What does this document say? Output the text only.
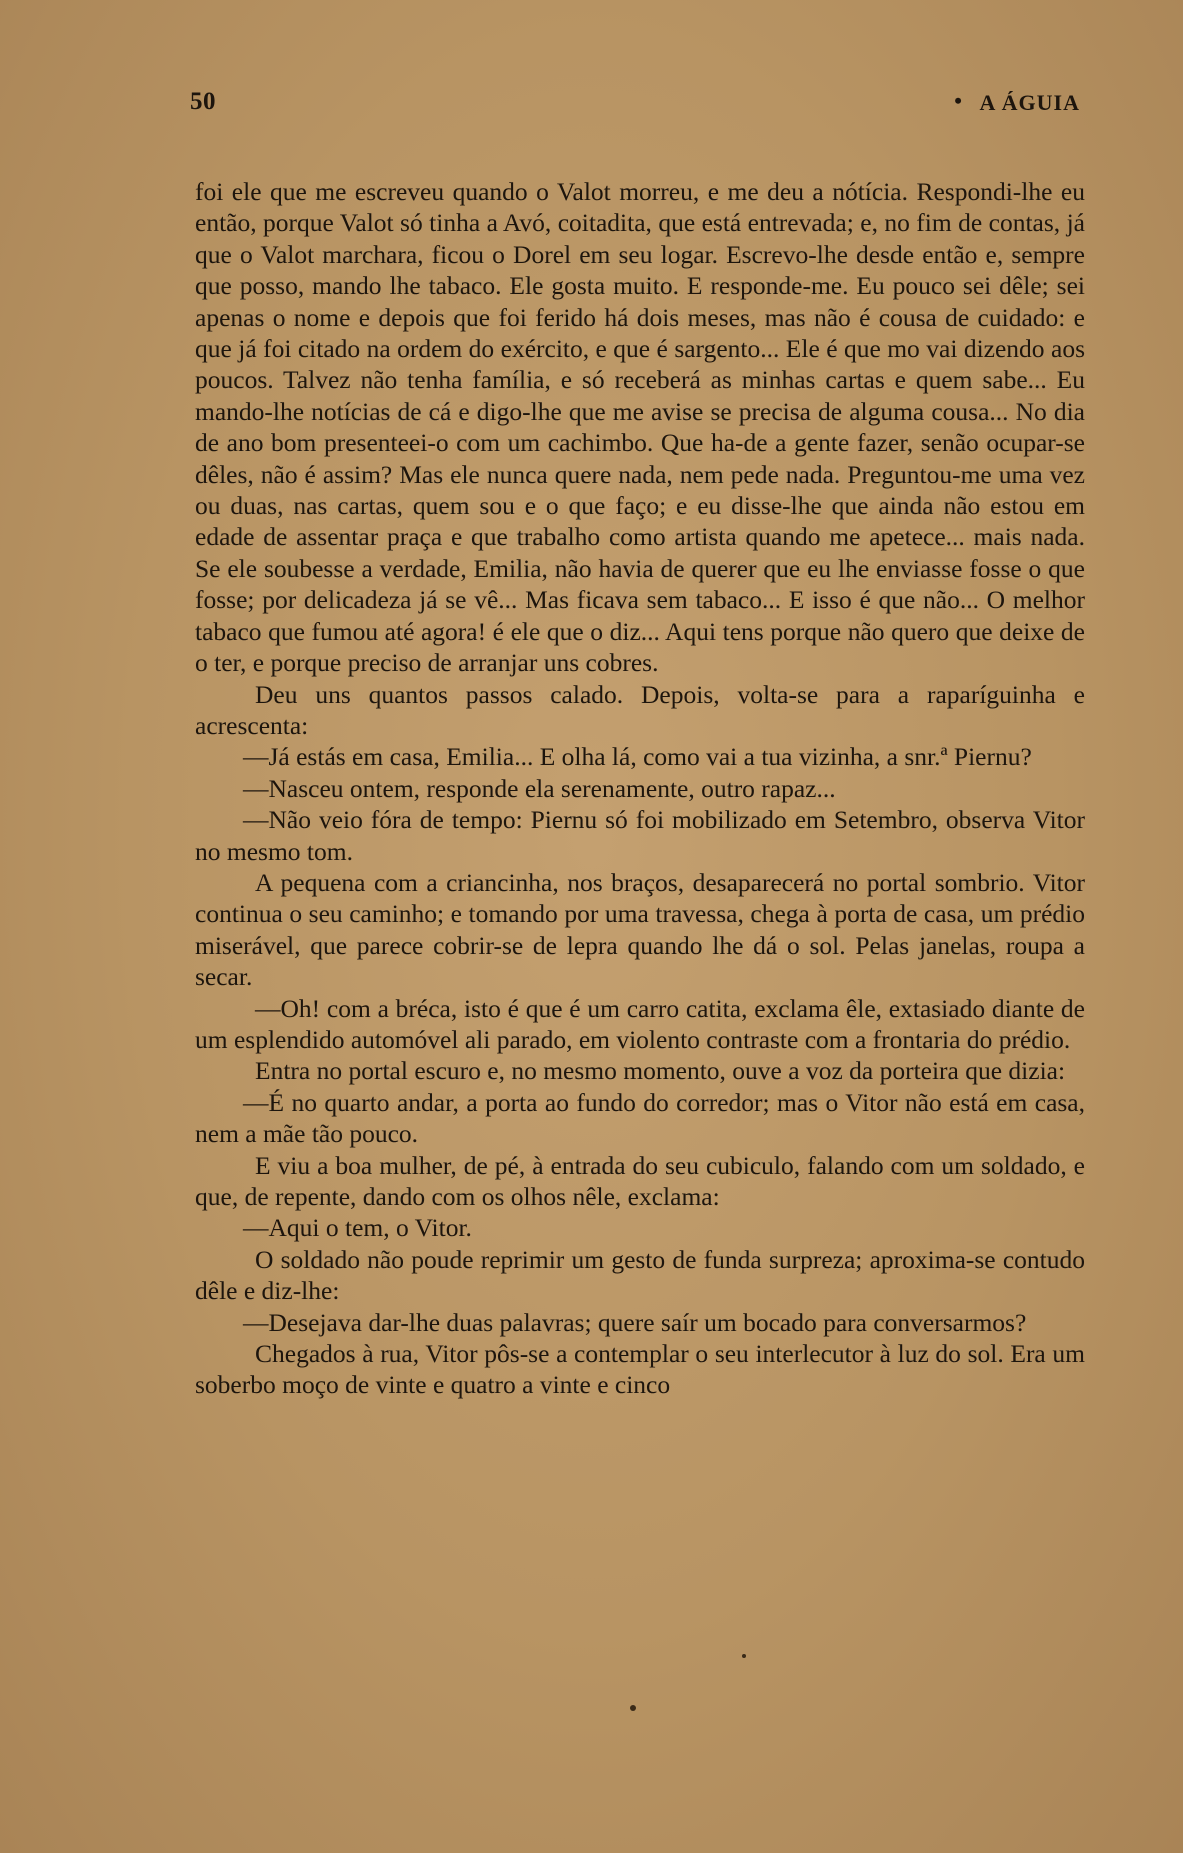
50	• A ÁGUIA

foi ele que me escreveu quando o Valot morreu, e me deu a nótícia. Respondi-lhe eu então, porque Valot só tinha a Avó, coitadita, que está entrevada; e, no fim de contas, já que o Valot marchara, ficou o Dorel em seu logar. Escrevo-lhe desde então e, sempre que posso, mando lhe tabaco. Ele gosta muito. E responde-me. Eu pouco sei dêle; sei apenas o nome e depois que foi ferido há dois meses, mas não é cousa de cuidado: e que já foi citado na ordem do exército, e que é sargento... Ele é que mo vai dizendo aos poucos. Talvez não tenha família, e só receberá as minhas cartas e quem sabe... Eu mando-lhe notícias de cá e digo-lhe que me avise se precisa de alguma cousa... No dia de ano bom presenteei-o com um cachimbo. Que ha-de a gente fazer, senão ocupar-se dêles, não é assim? Mas ele nunca quere nada, nem pede nada. Preguntou-me uma vez ou duas, nas cartas, quem sou e o que faço; e eu disse-lhe que ainda não estou em edade de assentar praça e que trabalho como artista quando me apetece... mais nada. Se ele soubesse a verdade, Emilia, não havia de querer que eu lhe enviasse fosse o que fosse; por delicadeza já se vê... Mas ficava sem tabaco... E isso é que não... O melhor tabaco que fumou até agora! é ele que o diz... Aqui tens porque não quero que deixe de o ter, e porque preciso de arranjar uns cobres.

Deu uns quantos passos calado. Depois, volta-se para a raparíguinha e acrescenta:

—Já estás em casa, Emilia... E olha lá, como vai a tua vizinha, a snr.ª Piernu?

—Nasceu ontem, responde ela serenamente, outro rapaz...

—Não veio fóra de tempo: Piernu só foi mobilizado em Setembro, observa Vitor no mesmo tom.

A pequena com a criancinha, nos braços, desaparecerá no portal sombrio. Vitor continua o seu caminho; e tomando por uma travessa, chega à porta de casa, um prédio miserável, que parece cobrir-se de lepra quando lhe dá o sol. Pelas janelas, roupa a secar.

—Oh! com a bréca, isto é que é um carro catita, exclama êle, extasiado diante de um esplendido automóvel ali parado, em violento contraste com a frontaria do prédio.

Entra no portal escuro e, no mesmo momento, ouve a voz da porteira que dizia:

—É no quarto andar, a porta ao fundo do corredor; mas o Vitor não está em casa, nem a mãe tão pouco.

E viu a boa mulher, de pé, à entrada do seu cubiculo, falando com um soldado, e que, de repente, dando com os olhos nêle, exclama:

—Aqui o tem, o Vitor.

O soldado não poude reprimir um gesto de funda surpreza; aproxima-se contudo dêle e diz-lhe:

—Desejava dar-lhe duas palavras; quere saír um bocado para conversarmos?

Chegados à rua, Vitor pôs-se a contemplar o seu interlecutor à luz do sol. Era um soberbo moço de vinte e quatro a vinte e cinco
